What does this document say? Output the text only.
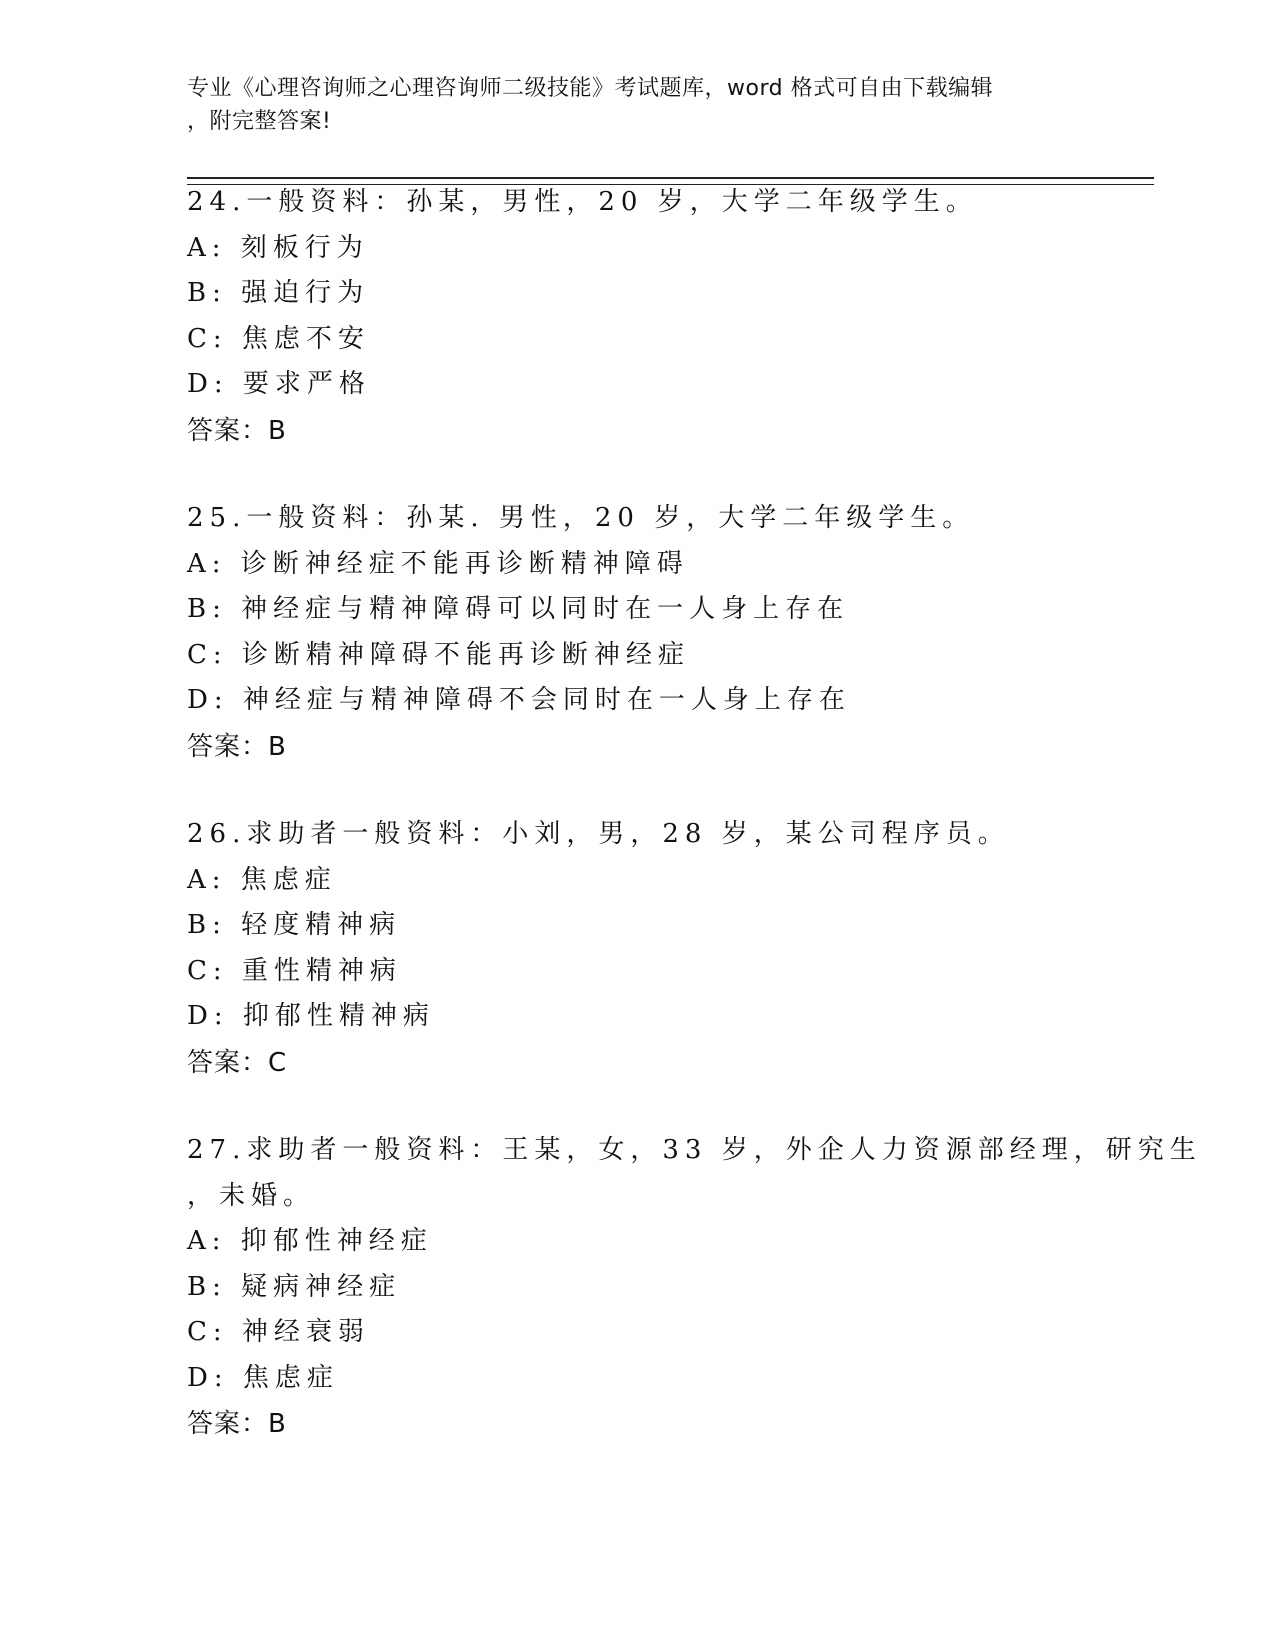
专业《心理咨询师之心理咨询师二级技能》考试题库，word 格式可自由下载编辑
，附完整答案!
24.一般资料：孙某，男性，20 岁，大学二年级学生。
A: 刻板行为
B: 强迫行为
C: 焦虑不安
D: 要求严格
答案：B
25.一般资料：孙某. 男性，20 岁，大学二年级学生。
A: 诊断神经症不能再诊断精神障碍
B: 神经症与精神障碍可以同时在一人身上存在
C: 诊断精神障碍不能再诊断神经症
D: 神经症与精神障碍不会同时在一人身上存在
答案：B
26.求助者一般资料：小刘，男，28 岁，某公司程序员。
A: 焦虑症
B: 轻度精神病
C: 重性精神病
D: 抑郁性精神病
答案：C
27.求助者一般资料：王某，女，33 岁，外企人力资源部经理，研究生
，未婚。
A: 抑郁性神经症
B: 疑病神经症
C: 神经衰弱
D: 焦虑症
答案：B
